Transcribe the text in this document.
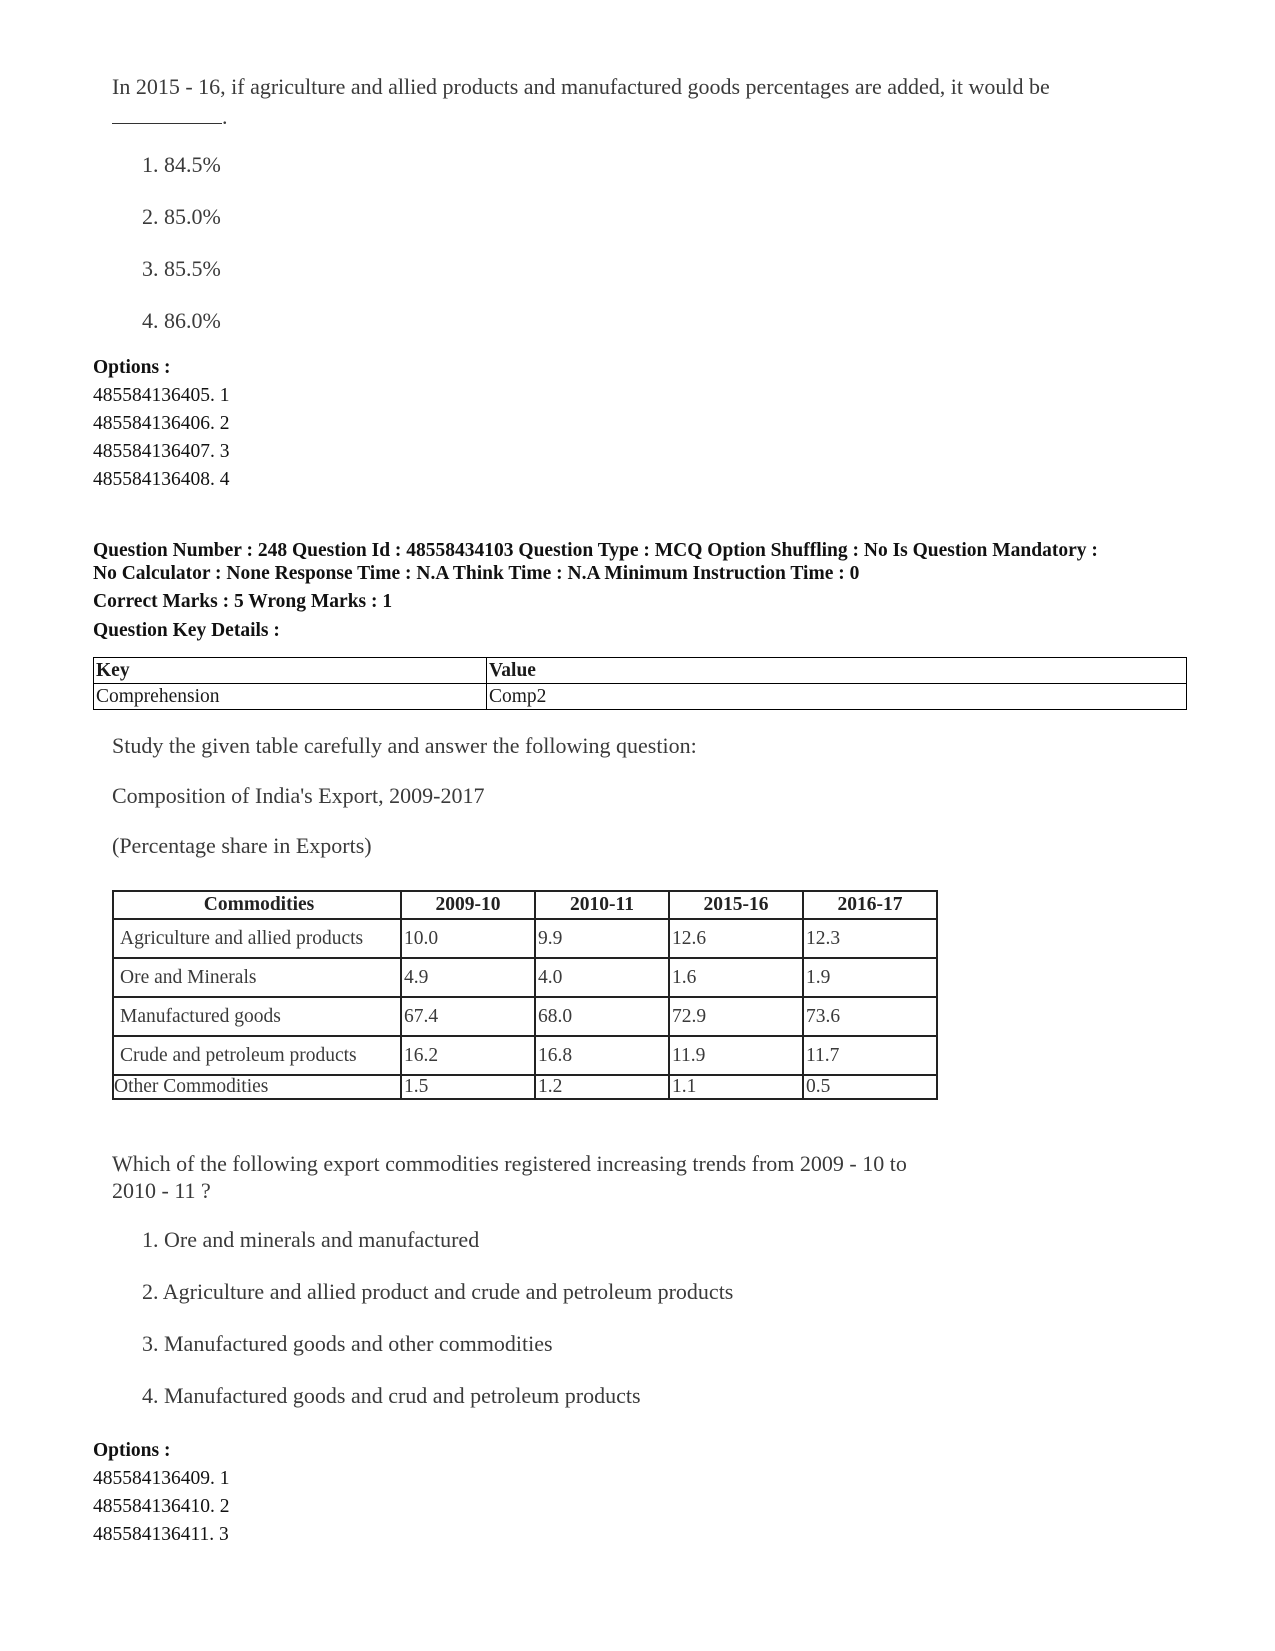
In 2015 - 16, if agriculture and allied products and manufactured goods percentages are added, it would be
.
1. 84.5%
2. 85.0%
3. 85.5%
4. 86.0%
Options :
485584136405. 1
485584136406. 2
485584136407. 3
485584136408. 4
Question Number : 248 Question Id : 48558434103 Question Type : MCQ Option Shuffling : No Is Question Mandatory :
No Calculator : None Response Time : N.A Think Time : N.A Minimum Instruction Time : 0
Correct Marks : 5 Wrong Marks : 1
Question Key Details :
Key	Value
Comprehension	Comp2
Study the given table carefully and answer the following question:
Composition of India's Export, 2009-2017
(Percentage share in Exports)
Commodities	2009-10	2010-11	2015-16	2016-17
Agriculture and allied products	10.0	9.9	12.6	12.3
Ore and Minerals	4.9	4.0	1.6	1.9
Manufactured goods	67.4	68.0	72.9	73.6
Crude and petroleum products	16.2	16.8	11.9	11.7
Other Commodities	1.5	1.2	1.1	0.5
Which of the following export commodities registered increasing trends from 2009 - 10 to
2010 - 11 ?
1. Ore and minerals and manufactured
2. Agriculture and allied product and crude and petroleum products
3. Manufactured goods and other commodities
4. Manufactured goods and crud and petroleum products
Options :
485584136409. 1
485584136410. 2
485584136411. 3
